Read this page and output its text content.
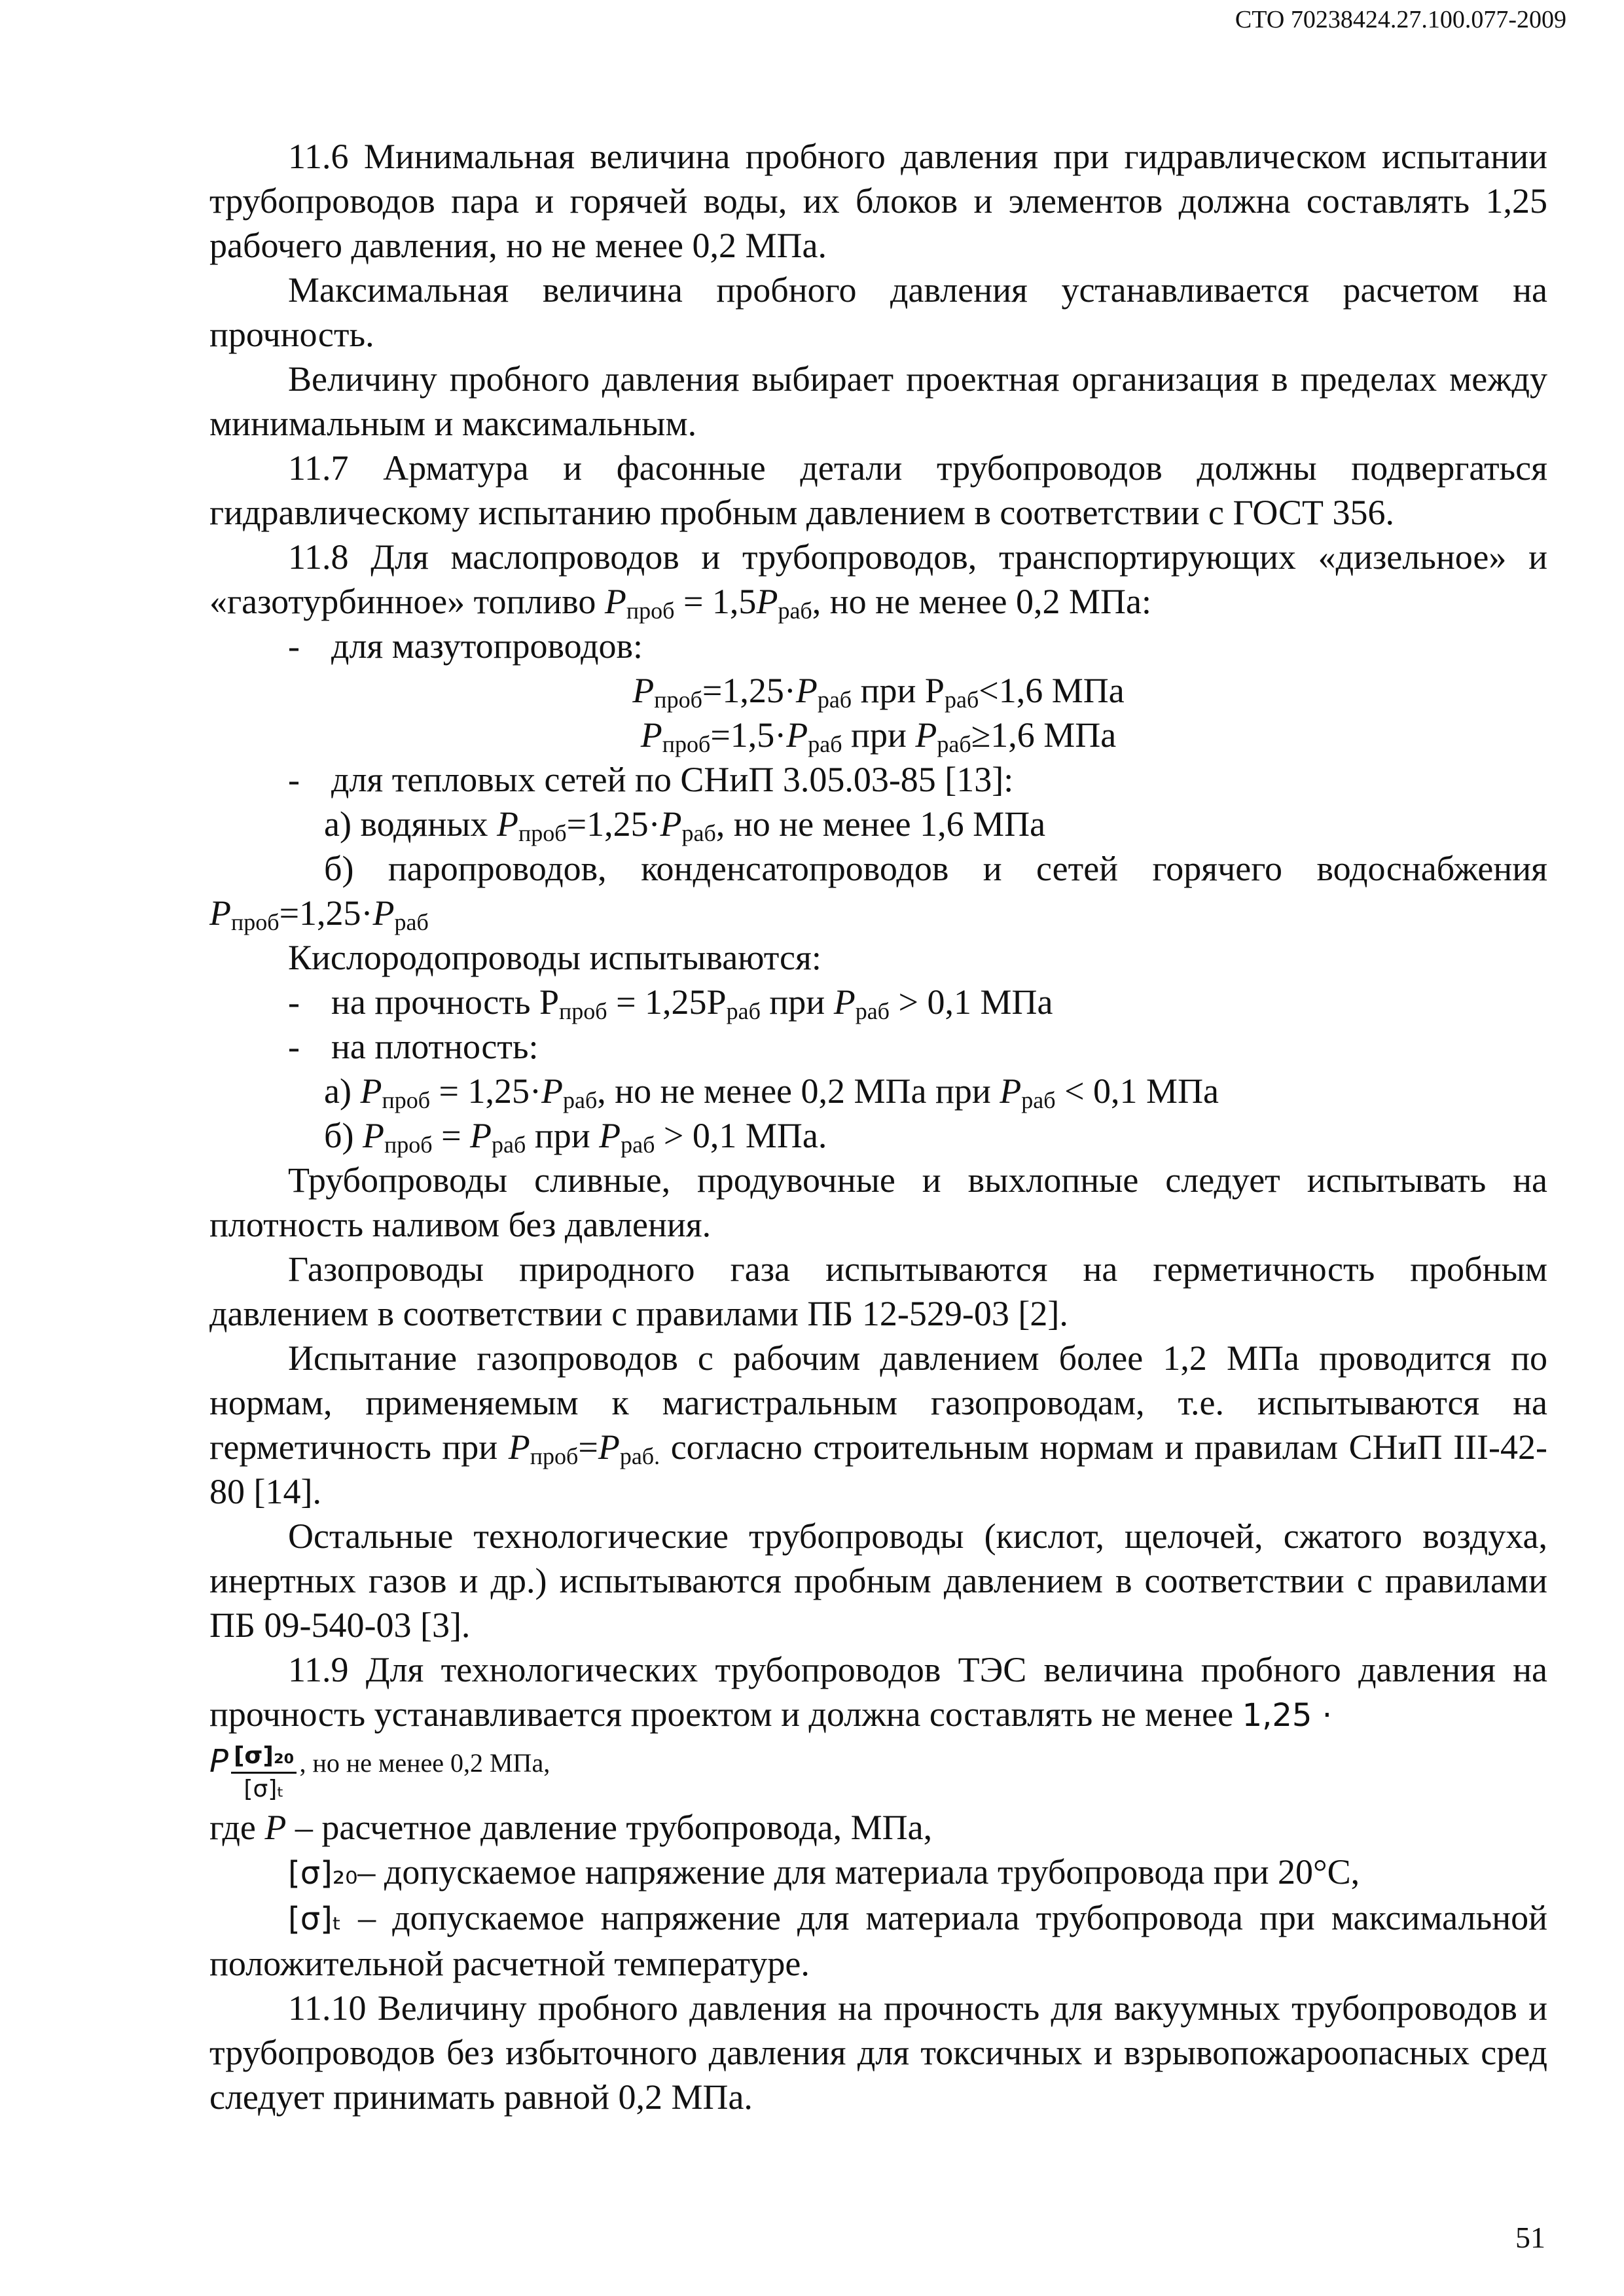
СТО 70238424.27.100.077-2009

11.6 Минимальная величина пробного давления при гидравлическом испытании трубопроводов пара и горячей воды, их блоков и элементов должна составлять 1,25 рабочего давления, но не менее 0,2 МПа.

Максимальная величина пробного давления устанавливается расчетом на прочность.

Величину пробного давления выбирает проектная организация в пределах между минимальным и максимальным.

11.7 Арматура и фасонные детали трубопроводов должны подвергаться гидравлическому испытанию пробным давлением в соответствии с ГОСТ 356.

11.8 Для маслопроводов и трубопроводов, транспортирующих «дизельное» и «газотурбинное» топливо $Р_{проб} = 1,5Р_{раб}$, но не менее 0,2 МПа:

- для мазутопроводов:

$Р_{проб}=1,25\cdot Р_{раб}$ при $Р_{раб}<1,6$ МПа

$Р_{проб}=1,5\cdot Р_{раб}$ при $Р_{раб}\ge 1,6$ МПа

- для тепловых сетей по СНиП 3.05.03-85 [13]:

а) водяных $Р_{проб}=1,25\cdot Р_{раб}$, но не менее 1,6 МПа

б) паропроводов, конденсатопроводов и сетей горячего водоснабжения $Р_{проб}=1,25\cdot Р_{раб}$

Кислородопроводы испытываются:

- на прочность $Р_{проб} = 1,25Р_{раб}$ при $Р_{раб} > 0,1$ МПа

- на плотность:

а) $Р_{проб} = 1,25\cdot Р_{раб}$, но не менее 0,2 МПа при $Р_{раб} < 0,1$ МПа

б) $Р_{проб} = Р_{раб}$ при $Р_{раб} > 0,1$ МПа.

Трубопроводы сливные, продувочные и выхлопные следует испытывать на плотность наливом без давления.

Газопроводы природного газа испытываются на герметичность пробным давлением в соответствии с правилами ПБ 12-529-03 [2].

Испытание газопроводов с рабочим давлением более 1,2 МПа проводится по нормам, применяемым к магистральным газопроводам, т.е. испытываются на герметичность при $Р_{проб}=Р_{раб.}$ согласно строительным нормам и правилам СНиП III-42-80 [14].

Остальные технологические трубопроводы (кислот, щелочей, сжатого воздуха, инертных газов и др.) испытываются пробным давлением в соответствии с правилами ПБ 09-540-03 [3].

11.9 Для технологических трубопроводов ТЭС величина пробного давления на прочность устанавливается проектом и должна составлять не менее 1,25 ·

P $\frac{\text{[σ]₂₀}}{\text{[σ]ₜ}}$ , но не менее 0,2 МПа,

где Р – расчетное давление трубопровода, МПа,

[σ]₂₀– допускаемое напряжение для материала трубопровода при 20°С,

[σ]ₜ – допускаемое напряжение для материала трубопровода при максимальной положительной расчетной температуре.

11.10 Величину пробного давления на прочность для вакуумных трубопроводов и трубопроводов без избыточного давления для токсичных и взрывопожароопасных сред следует принимать равной 0,2 МПа.

51
